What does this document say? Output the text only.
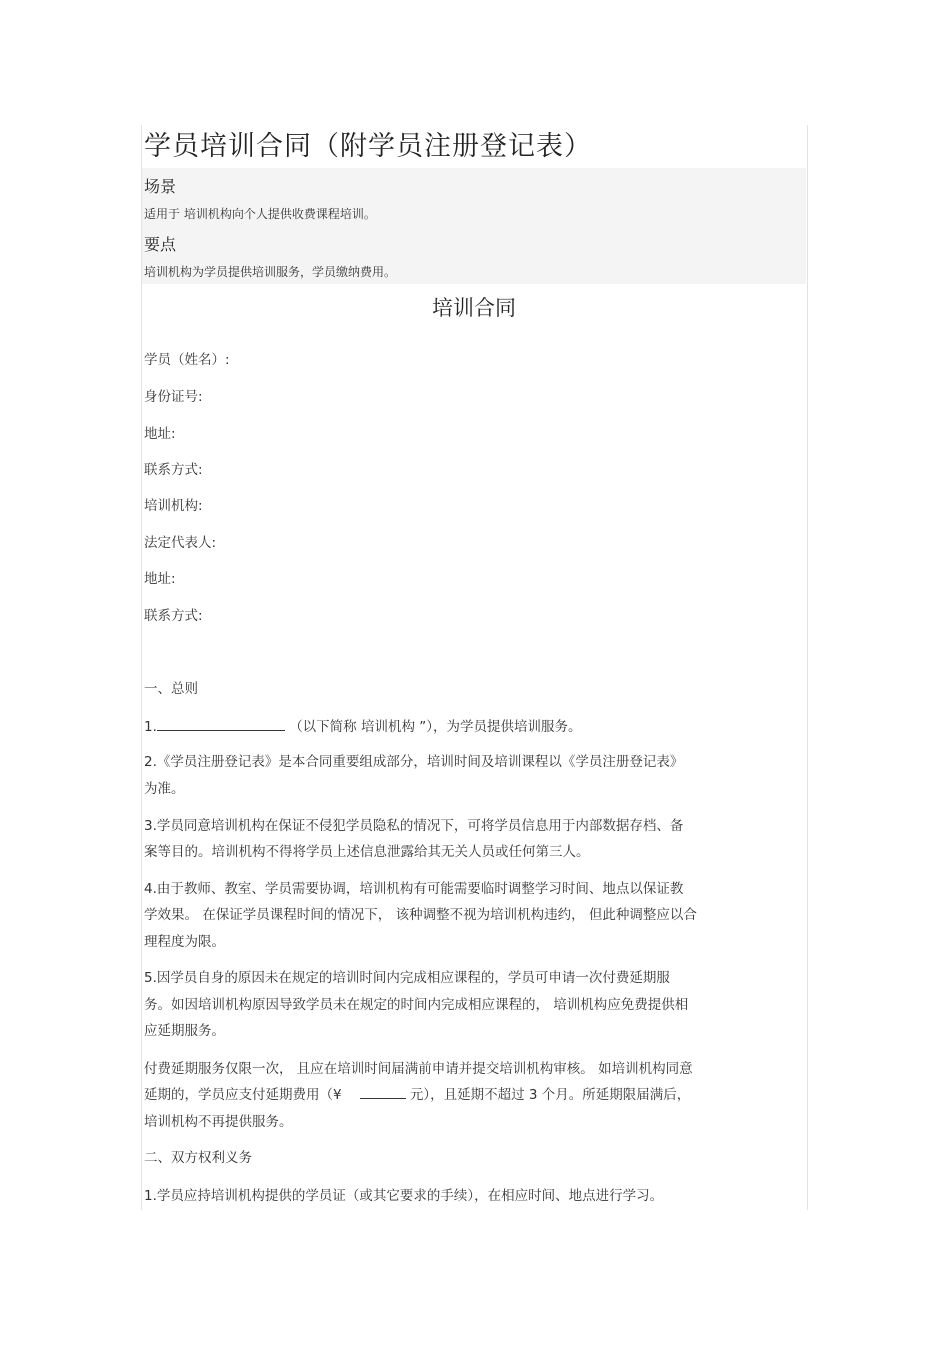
学员培训合同（附学员注册登记表）
场景
适用于 培训机构向个人提供收费课程培训。
要点
培训机构为学员提供培训服务，学员缴纳费用。
培训合同
学员（姓名）:
身份证号:
地址:
联系方式:
培训机构:
法定代表人:
地址:
联系方式:
一、总则
1.	（以下简称 培训机构 ”），为学员提供培训服务。
2.《学员注册登记表》是本合同重要组成部分，培训时间及培训课程以《学员注册登记表》
为准。
3.学员同意培训机构在保证不侵犯学员隐私的情况下，可将学员信息用于内部数据存档、备
案等目的。培训机构不得将学员上述信息泄露给其无关人员或任何第三人。
4.由于教师、教室、学员需要协调，培训机构有可能需要临时调整学习时间、地点以保证教
学效果。 在保证学员课程时间的情况下， 该种调整不视为培训机构违约， 但此种调整应以合
理程度为限。
5.因学员自身的原因未在规定的培训时间内完成相应课程的，学员可申请一次付费延期服
务。如因培训机构原因导致学员未在规定的时间内完成相应课程的， 培训机构应免费提供相
应延期服务。
付费延期服务仅限一次， 且应在培训时间届满前申请并提交培训机构审核。 如培训机构同意
延期的，学员应支付延期费用（¥	元），且延期不超过 3 个月。所延期限届满后，
培训机构不再提供服务。
二、双方权利义务
1.学员应持培训机构提供的学员证（或其它要求的手续），在相应时间、地点进行学习。
